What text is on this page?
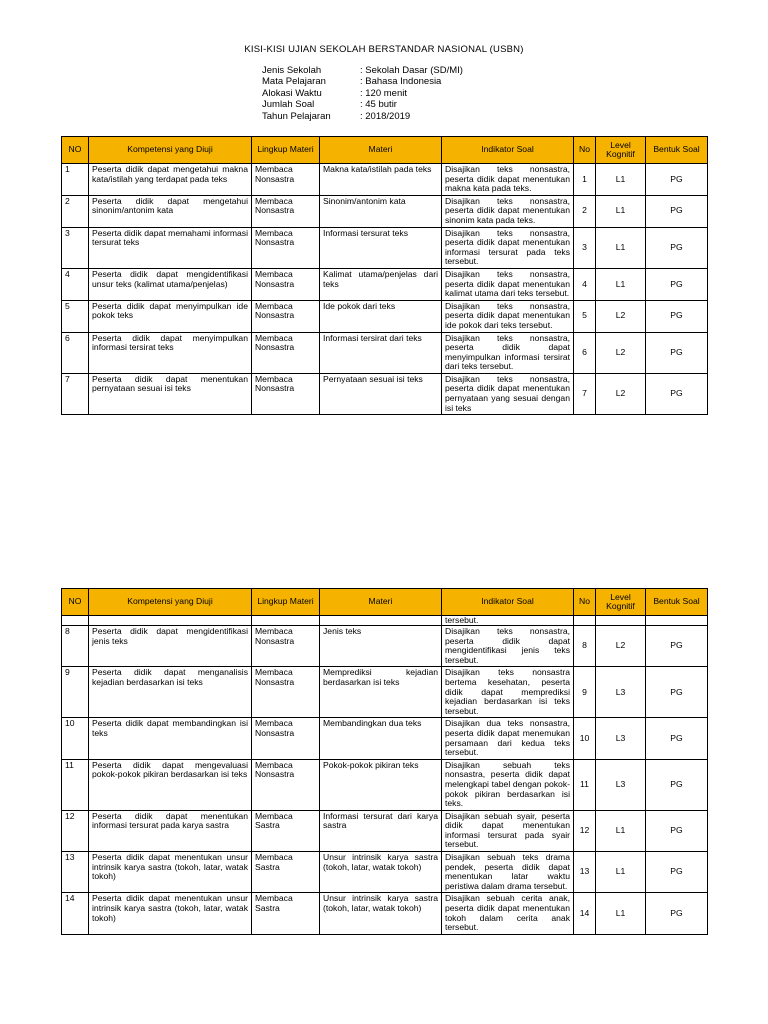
KISI-KISI UJIAN SEKOLAH BERSTANDAR NASIONAL (USBN)
Jenis Sekolah	: Sekolah Dasar (SD/MI)
Mata Pelajaran	: Bahasa Indonesia
Alokasi Waktu	: 120 menit
Jumlah Soal	: 45 butir
Tahun Pelajaran	: 2018/2019
NO	Kompetensi yang Diuji	Lingkup Materi	Materi	Indikator Soal	No	Level Kognitif	Bentuk Soal
1	Peserta didik dapat mengetahui makna kata/istilah yang terdapat pada teks	Membaca Nonsastra	Makna kata/istilah pada teks	Disajikan teks nonsastra, peserta didik dapat menentukan makna kata pada teks.	1	L1	PG
2	Peserta didik dapat mengetahui sinonim/antonim kata	Membaca Nonsastra	Sinonim/antonim kata	Disajikan teks nonsastra, peserta didik dapat menentukan sinonim kata pada teks.	2	L1	PG
3	Peserta didik dapat memahami informasi tersurat teks	Membaca Nonsastra	Informasi tersurat teks	Disajikan teks nonsastra, peserta didik dapat menentukan informasi tersurat pada teks tersebut.	3	L1	PG
4	Peserta didik dapat mengidentifikasi unsur teks (kalimat utama/penjelas)	Membaca Nonsastra	Kalimat utama/penjelas dari teks	Disajikan teks nonsastra, peserta didik dapat menentukan kalimat utama dari teks tersebut.	4	L1	PG
5	Peserta didik dapat menyimpulkan ide pokok teks	Membaca Nonsastra	Ide pokok dari teks	Disajikan teks nonsastra, peserta didik dapat menentukan ide pokok dari teks tersebut.	5	L2	PG
6	Peserta didik dapat menyimpulkan informasi tersirat teks	Membaca Nonsastra	Informasi tersirat dari teks	Disajikan teks nonsastra, peserta didik dapat menyimpulkan informasi tersirat dari teks tersebut.	6	L2	PG
7	Peserta didik dapat menentukan pernyataan sesuai isi teks	Membaca Nonsastra	Pernyataan sesuai isi teks	Disajikan teks nonsastra, peserta didik dapat menentukan pernyataan yang sesuai dengan isi teks	7	L2	PG
NO	Kompetensi yang Diuji	Lingkup Materi	Materi	Indikator Soal	No	Level Kognitif	Bentuk Soal
				tersebut.			
8	Peserta didik dapat mengidentifikasi jenis teks	Membaca Nonsastra	Jenis teks	Disajikan teks nonsastra, peserta didik dapat mengidentifikasi jenis teks tersebut.	8	L2	PG
9	Peserta didik dapat menganalisis kejadian berdasarkan isi teks	Membaca Nonsastra	Memprediksi kejadian berdasarkan isi teks	Disajikan teks nonsastra bertema kesehatan, peserta didik dapat memprediksi kejadian berdasarkan isi teks tersebut.	9	L3	PG
10	Peserta didik dapat membandingkan isi teks	Membaca Nonsastra	Membandingkan dua teks	Disajikan dua teks nonsastra, peserta didik dapat menemukan persamaan dari kedua teks tersebut.	10	L3	PG
11	Peserta didik dapat mengevaluasi pokok-pokok pikiran berdasarkan isi teks	Membaca Nonsastra	Pokok-pokok pikiran teks	Disajikan sebuah teks nonsastra, peserta didik dapat melengkapi tabel dengan pokok-pokok pikiran berdasarkan isi teks.	11	L3	PG
12	Peserta didik dapat menentukan informasi tersurat pada karya sastra	Membaca Sastra	Informasi tersurat dari karya sastra	Disajikan sebuah syair, peserta didik dapat menentukan informasi tersurat pada syair tersebut.	12	L1	PG
13	Peserta didik dapat menentukan unsur intrinsik karya sastra (tokoh, latar, watak tokoh)	Membaca Sastra	Unsur intrinsik karya sastra (tokoh, latar, watak tokoh)	Disajikan sebuah teks drama pendek, peserta didik dapat menentukan latar waktu peristiwa dalam drama tersebut.	13	L1	PG
14	Peserta didik dapat menentukan unsur intrinsik karya sastra (tokoh, latar, watak tokoh)	Membaca Sastra	Unsur intrinsik karya sastra (tokoh, latar, watak tokoh)	Disajikan sebuah cerita anak, peserta didik dapat menentukan tokoh dalam cerita anak tersebut.	14	L1	PG
